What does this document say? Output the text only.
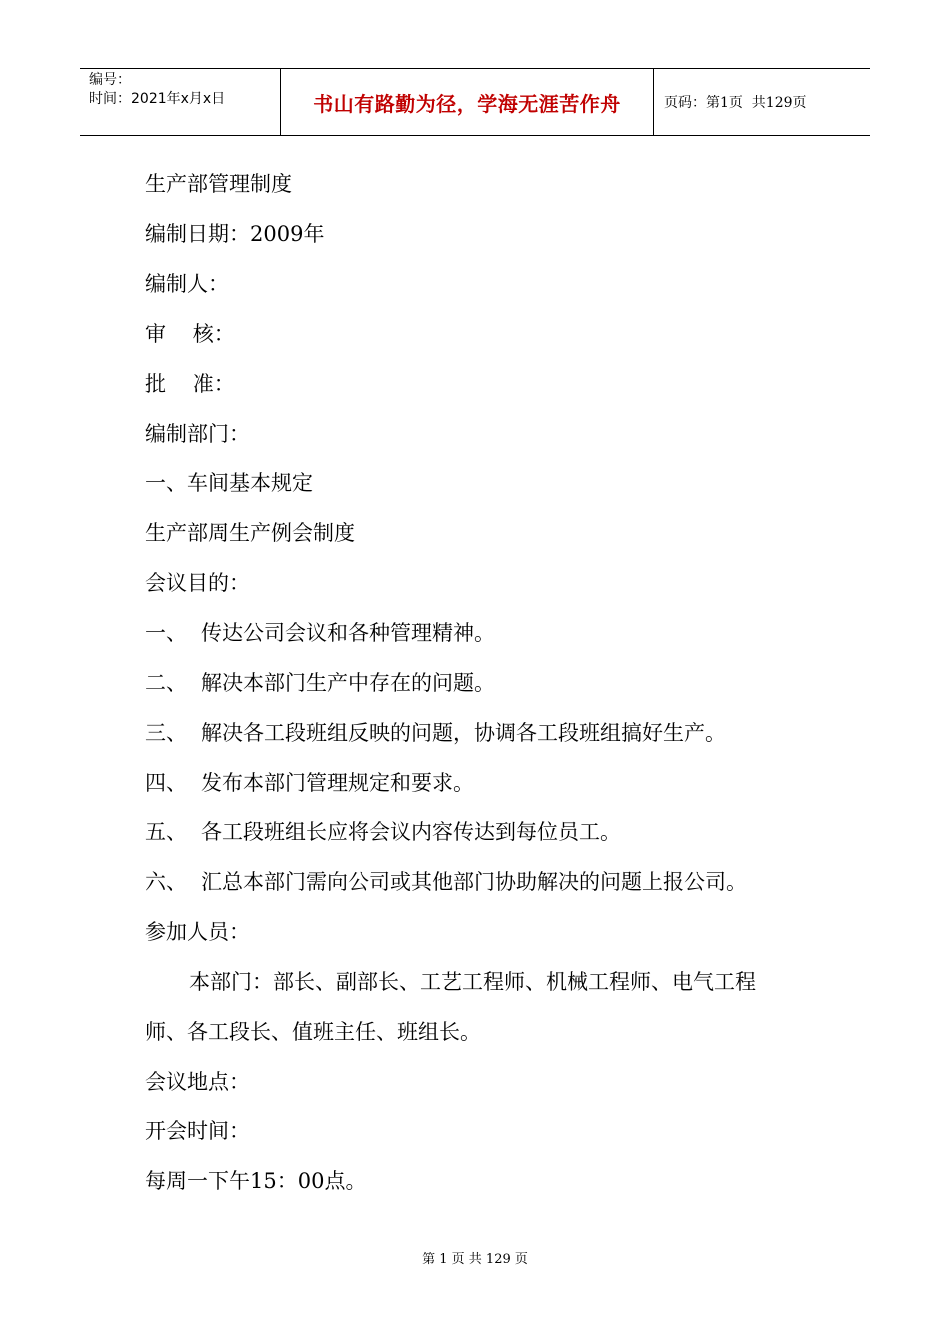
编号：
时间：2021年x月x日	书山有路勤为径，学海无涯苦作舟	页码：第1页  共129页
生产部管理制度
编制日期：2009年
编制人：
审    核：
批    准：
编制部门：
一、车间基本规定
生产部周生产例会制度
会议目的：
一、 传达公司会议和各种管理精神。
二、 解决本部门生产中存在的问题。
三、 解决各工段班组反映的问题，协调各工段班组搞好生产。
四、 发布本部门管理规定和要求。
五、 各工段班组长应将会议内容传达到每位员工。
六、 汇总本部门需向公司或其他部门协助解决的问题上报公司。
参加人员：
本部门：部长、副部长、工艺工程师、机械工程师、电气工程
师、各工段长、值班主任、班组长。
会议地点：
开会时间：
每周一下午15：00点。
第 1 页 共 129 页
